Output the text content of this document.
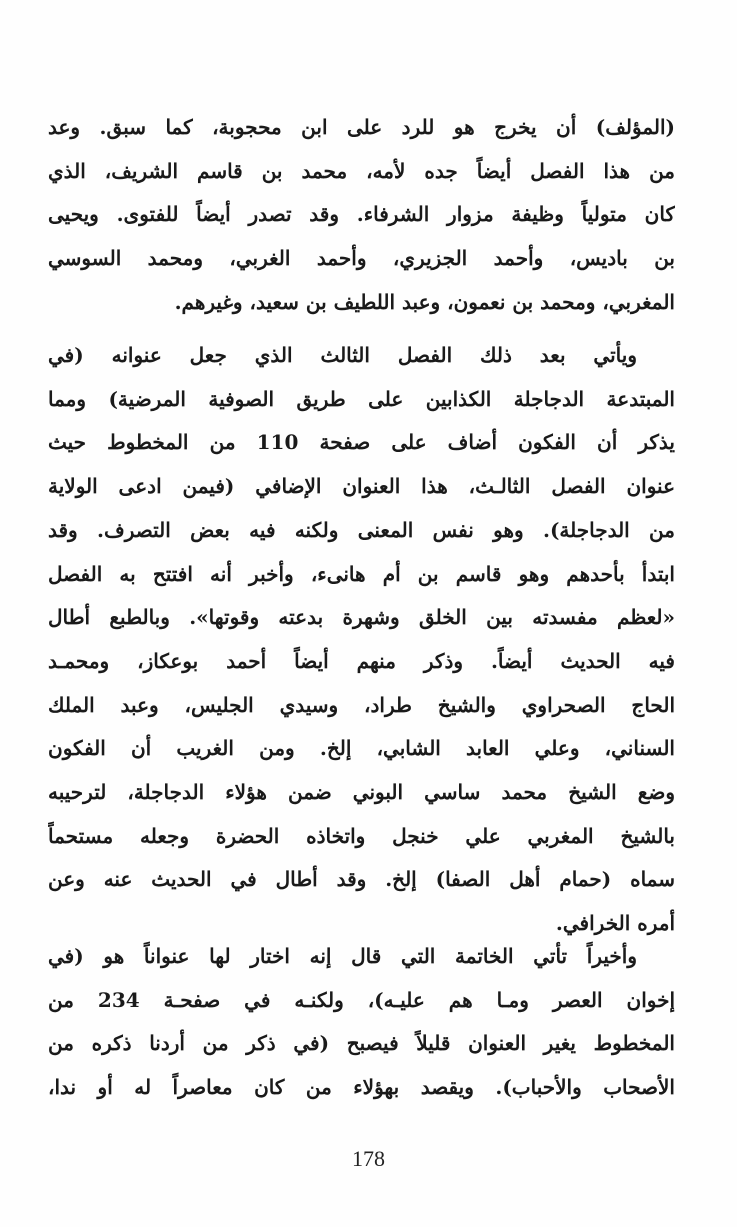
(المؤلف) أن يخرج هو للرد على ابن محجوبة، كما سبق. وعد
من هذا الفصل أيضاً جده لأمه، محمد بن قاسم الشريف، الذي
كان متولياً وظيفة مزوار الشرفاء. وقد تصدر أيضاً للفتوى. ويحيى
بن باديس، وأحمد الجزيري، وأحمد الغربي، ومحمد السوسي
المغربي، ومحمد بن نعمون، وعبد اللطيف بن سعيد، وغيرهم.
ويأتي بعد ذلك الفصل الثالث الذي جعل عنوانه (في
المبتدعة الدجاجلة الكذابين على طريق الصوفية المرضية) ومما
يذكر أن الفكون أضاف على صفحة 110 من المخطوط حيث
عنوان الفصل الثالـث، هذا العنوان الإضافي (فيمن ادعى الولاية
من الدجاجلة). وهو نفس المعنى ولكنه فيه بعض التصرف. وقد
ابتدأ بأحدهم وهو قاسم بن أم هانىء، وأخبر أنه افتتح به الفصل
«لعظم مفسدته بين الخلق وشهرة بدعته وقوتها». وبالطبع أطال
فيه الحديث أيضاً. وذكر منهم أيضاً أحمد بوعكاز، ومحمـد
الحاج الصحراوي والشيخ طراد، وسيدي الجليس، وعبد الملك
السناني، وعلي العابد الشابي، إلخ. ومن الغريب أن الفكون
وضع الشيخ محمد ساسي البوني ضمن هؤلاء الدجاجلة، لترحيبه
بالشيخ المغربي علي خنجل واتخاذه الحضرة وجعله مستحماً
سماه (حمام أهل الصفا) إلخ. وقد أطال في الحديث عنه وعن
أمره الخرافي.
وأخيراً تأتي الخاتمة التي قال إنه اختار لها عنواناً هو (في
إخوان العصر ومـا هم عليـه)، ولكنـه في صفحـة 234 من
المخطوط يغير العنوان قليلاً فيصبح (في ذكر من أردنا ذكره من
الأصحاب والأحباب). ويقصد بهؤلاء من كان معاصراً له أو ندا،
178
